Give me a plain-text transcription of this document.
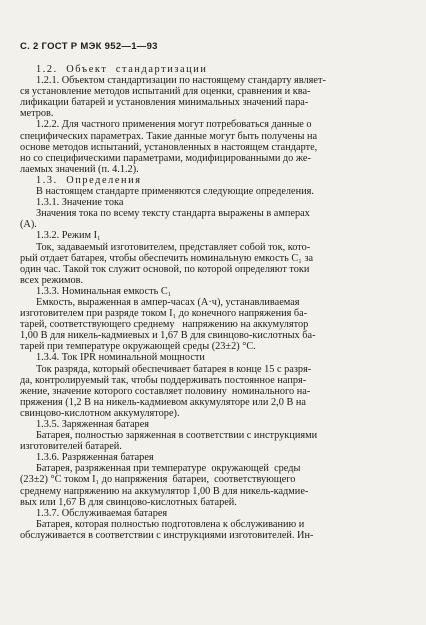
С. 2 ГОСТ Р МЭК 952—1—93
1.2.  Объект  стандартизации
1.2.1. Объектом стандартизации по настоящему стандарту являет-
ся установление методов испытаний для оценки, сравнения и ква-
лификации батарей и установления минимальных значений пара-
метров.
1.2.2. Для частного применения могут потребоваться данные о
специфических параметрах. Такие данные могут быть получены на
основе методов испытаний, установленных в настоящем стандарте,
но со специфическими параметрами, модифицированными до же-
лаемых значений (п. 4.1.2).
1.3.  Определения
В настоящем стандарте применяются следующие определения.
1.3.1. Значение тока
Значения тока по всему тексту стандарта выражены в амперах
(А).
1.3.2. Режим I₁
Ток, задаваемый изготовителем, представляет собой ток, кото-
рый отдает батарея, чтобы обеспечить номинальную емкость C₁ за
один час. Такой ток служит основой, по которой определяют токи
всех режимов.
1.3.3. Номинальная емкость C₁
Емкость, выраженная в ампер-часах (А·ч), устанавливаемая
изготовителем при разряде током I₁ до конечного напряжения ба-
тарей, соответствующего среднему   напряжению на аккумулятор
1,00 В для никель-кадмиевых и 1,67 В для свинцово-кислотных ба-
тарей при температуре окружающей среды (23±2) °С.
1.3.4. Ток IPR номинальной мощности
Ток разряда, который обеспечивает батарея в конце 15 с разря-
да, контролируемый так, чтобы поддерживать постоянное напря-
жение, значение которого составляет половину  номинального на-
пряжения (1,2 В на никель-кадмиевом аккумуляторе или 2,0 В на
свинцово-кислотном аккумуляторе).
1.3.5. Заряженная батарея
Батарея, полностью заряженная в соответствии с инструкциями
изготовителей батарей.
1.3.6. Разряженная батарея
Батарея, разряженная при температуре  окружающей  среды
(23±2) °С током I₁ до напряжения  батареи,  соответствующего
среднему напряжению на аккумулятор 1,00 В для никель-кадмие-
вых или 1,67 В для свинцово-кислотных батарей.
1.3.7. Обслуживаемая батарея
Батарея, которая полностью подготовлена к обслуживанию и
обслуживается в соответствии с инструкциями изготовителей. Ин-
